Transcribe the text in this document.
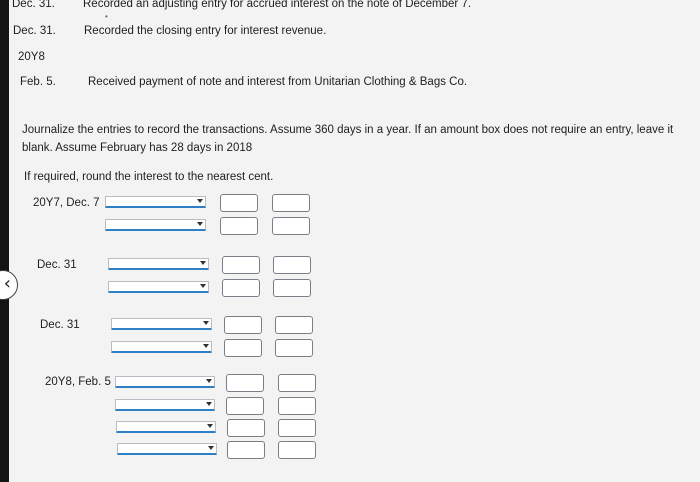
Dec. 31. Recorded an adjusting entry for accrued interest on the note of December 7.
•
Dec. 31. Recorded the closing entry for interest revenue.
20Y8
Feb. 5.	Received payment of note and interest from Unitarian Clothing & Bags Co.
Journalize the entries to record the transactions. Assume 360 days in a year. If an amount box does not require an entry, leave it blank. Assume February has 28 days in 2018
If required, round the interest to the nearest cent.
‹
20Y7, Dec. 7
Dec. 31
Dec. 31
20Y8, Feb. 5
